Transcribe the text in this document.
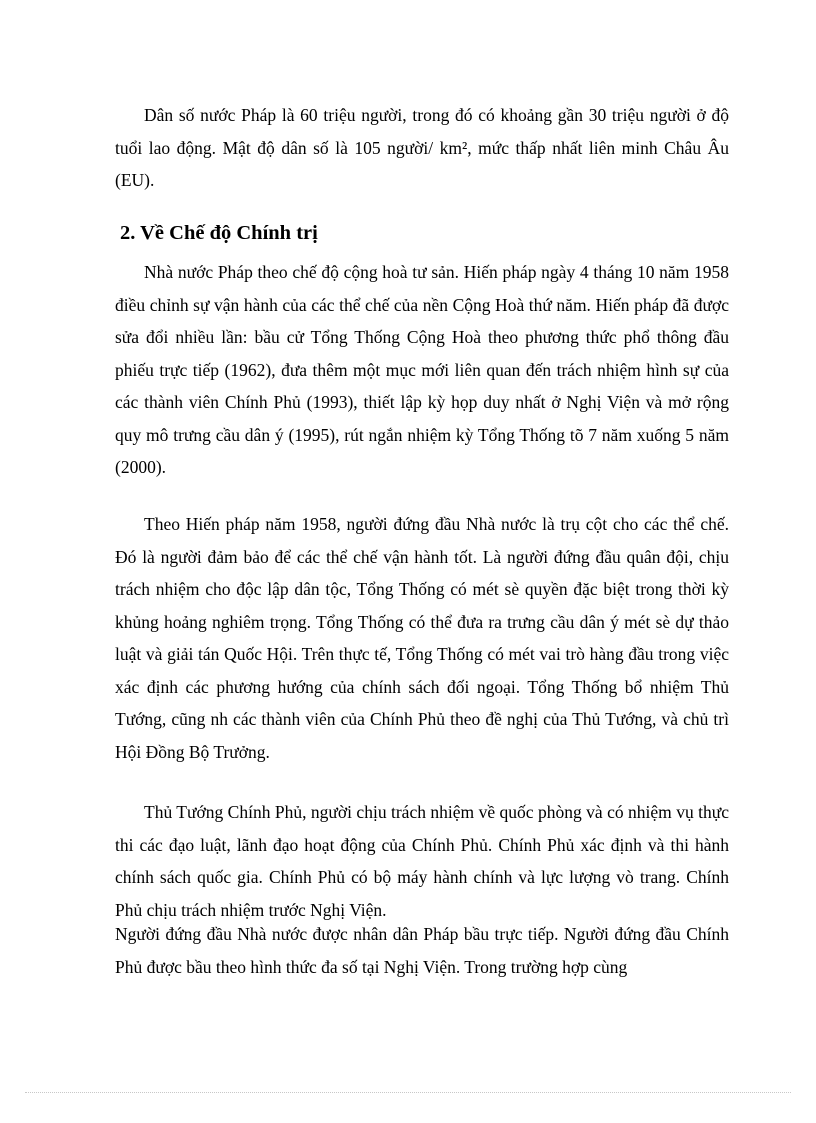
Dân số nước Pháp là 60 triệu người, trong đó có khoảng gần 30 triệu người ở độ tuổi lao động. Mật độ dân số là 105 người/ km², mức thấp nhất liên minh Châu Âu (EU).

2. Về Chế độ Chính trị

Nhà nước Pháp theo chế độ cộng hoà tư sản. Hiến pháp ngày 4 tháng 10 năm 1958 điều chỉnh sự vận hành của các thể chế của nền Cộng Hoà thứ năm. Hiến pháp đã được sửa đổi nhiều lần: bầu cử Tổng Thống Cộng Hoà theo phương thức phổ thông đầu phiếu trực tiếp (1962), đưa thêm một mục mới liên quan đến trách nhiệm hình sự của các thành viên Chính Phủ (1993), thiết lập kỳ họp duy nhất ở Nghị Viện và mở rộng quy mô trưng cầu dân ý (1995), rút ngắn nhiệm kỳ Tổng Thống tõ 7 năm xuống 5 năm (2000).

Theo Hiến pháp năm 1958, người đứng đầu Nhà nước là trụ cột cho các thể chế. Đó là người đảm bảo để các thể chế vận hành tốt. Là người đứng đầu quân đội, chịu trách nhiệm cho độc lập dân tộc, Tổng Thống có mét sè quyền đặc biệt trong thời kỳ khủng hoảng nghiêm trọng. Tổng Thống có thể đưa ra trưng cầu dân ý mét sè dự thảo luật và giải tán Quốc Hội. Trên thực tế, Tổng Thống có mét vai trò hàng đầu trong việc xác định các phương hướng của chính sách đối ngoại. Tổng Thống bổ nhiệm Thủ Tướng, cũng nh các thành viên của Chính Phủ theo đề nghị của Thủ Tướng, và chủ trì Hội Đồng Bộ Trưởng.

Thủ Tướng Chính Phủ, người chịu trách nhiệm về quốc phòng và có nhiệm vụ thực thi các đạo luật, lãnh đạo hoạt động của Chính Phủ. Chính Phủ xác định và thi hành chính sách quốc gia. Chính Phủ có bộ máy hành chính và lực lượng vò trang. Chính Phủ chịu trách nhiệm trước Nghị Viện.

Người đứng đầu Nhà nước được nhân dân Pháp bầu trực tiếp. Người đứng đầu Chính Phủ được bầu theo hình thức đa số tại Nghị Viện. Trong trường hợp cùng
